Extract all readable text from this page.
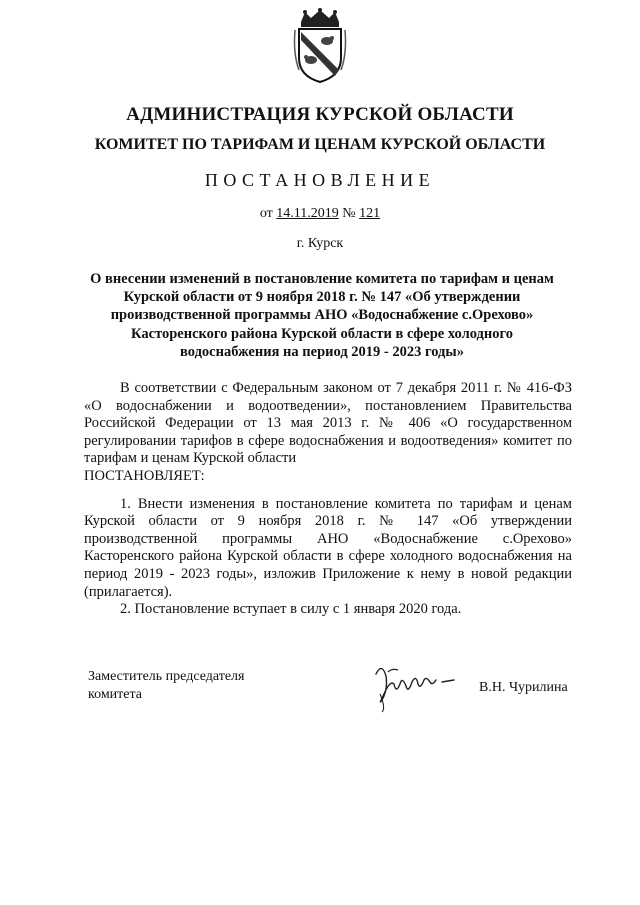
АДМИНИСТРАЦИЯ КУРСКОЙ ОБЛАСТИ
КОМИТЕТ ПО ТАРИФАМ И ЦЕНАМ КУРСКОЙ ОБЛАСТИ
ПОСТАНОВЛЕНИЕ
от 14.11.2019 № 121
г. Курск
О внесении изменений в постановление комитета по тарифам и ценам
Курской области от 9 ноября 2018 г. № 147 «Об утверждении
производственной программы АНО «Водоснабжение с.Орехово»
Касторенского района Курской области в сфере холодного
водоснабжения на период 2019 - 2023 годы»

В соответствии с Федеральным законом от 7 декабря 2011 г. № 416-ФЗ «О водоснабжении и водоотведении», постановлением Правительства Российской Федерации от 13 мая 2013 г. № 406 «О государственном регулировании тарифов в сфере водоснабжения и водоотведения» комитет по тарифам и ценам Курской области

ПОСТАНОВЛЯЕТ:

1. Внести изменения в постановление комитета по тарифам и ценам Курской области от 9 ноября 2018 г. № 147 «Об утверждении производственной программы АНО «Водоснабжение с.Орехово» Касторенского района Курской области в сфере холодного водоснабжения на период 2019 - 2023 годы», изложив Приложение к нему в новой редакции (прилагается).

2. Постановление вступает в силу с 1 января 2020 года.

Заместитель председателя
комитета	В.Н. Чурилина
